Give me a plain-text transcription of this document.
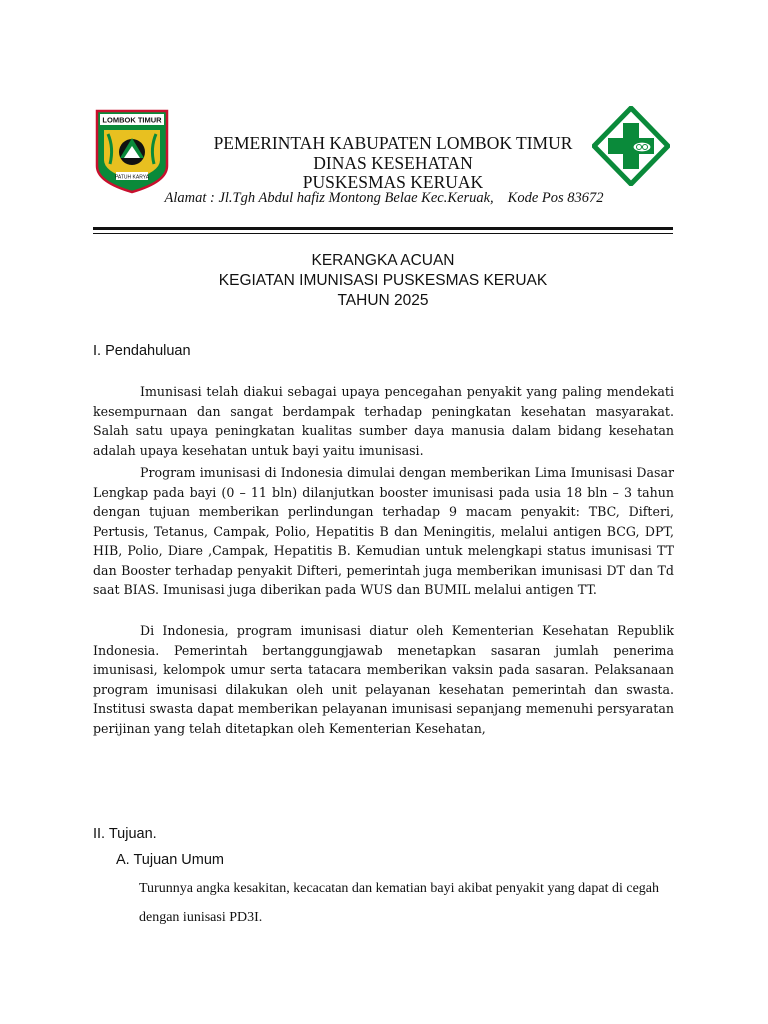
LOMBOK TIMUR
PATUH KARYA
PEMERINTAH KABUPATEN LOMBOK TIMUR
DINAS KESEHATAN
PUSKESMAS KERUAK
Alamat : Jl.Tgh Abdul hafiz Montong Belae Kec.Keruak, Kode Pos 83672
KERANGKA ACUAN
KEGIATAN IMUNISASI PUSKESMAS KERUAK
TAHUN 2025
I. Pendahuluan

Imunisasi telah diakui sebagai upaya pencegahan penyakit yang paling mendekati kesempurnaan dan sangat berdampak terhadap peningkatan kesehatan masyarakat. Salah satu upaya peningkatan kualitas sumber daya manusia dalam bidang kesehatan adalah upaya kesehatan untuk bayi yaitu imunisasi.

Program imunisasi di Indonesia dimulai dengan memberikan Lima Imunisasi Dasar Lengkap pada bayi (0 – 11 bln) dilanjutkan booster imunisasi pada usia 18 bln – 3 tahun dengan tujuan memberikan perlindungan terhadap 9 macam penyakit: TBC, Difteri, Pertusis, Tetanus, Campak, Polio, Hepatitis B dan Meningitis, melalui antigen BCG, DPT, HIB, Polio, Diare ,Campak, Hepatitis B. Kemudian untuk melengkapi status imunisasi TT dan Booster terhadap penyakit Difteri, pemerintah juga memberikan imunisasi DT dan Td saat BIAS. Imunisasi juga diberikan pada WUS dan BUMIL melalui antigen TT.

Di Indonesia, program imunisasi diatur oleh Kementerian Kesehatan Republik Indonesia. Pemerintah bertanggungjawab menetapkan sasaran jumlah penerima imunisasi, kelompok umur serta tatacara memberikan vaksin pada sasaran. Pelaksanaan program imunisasi dilakukan oleh unit pelayanan kesehatan pemerintah dan swasta. Institusi swasta dapat memberikan pelayanan imunisasi sepanjang memenuhi persyaratan perijinan yang telah ditetapkan oleh Kementerian Kesehatan,

II. Tujuan.
A. Tujuan Umum
Turunnya angka kesakitan, kecacatan dan kematian bayi akibat penyakit yang dapat di cegah dengan iunisasi PD3I.
